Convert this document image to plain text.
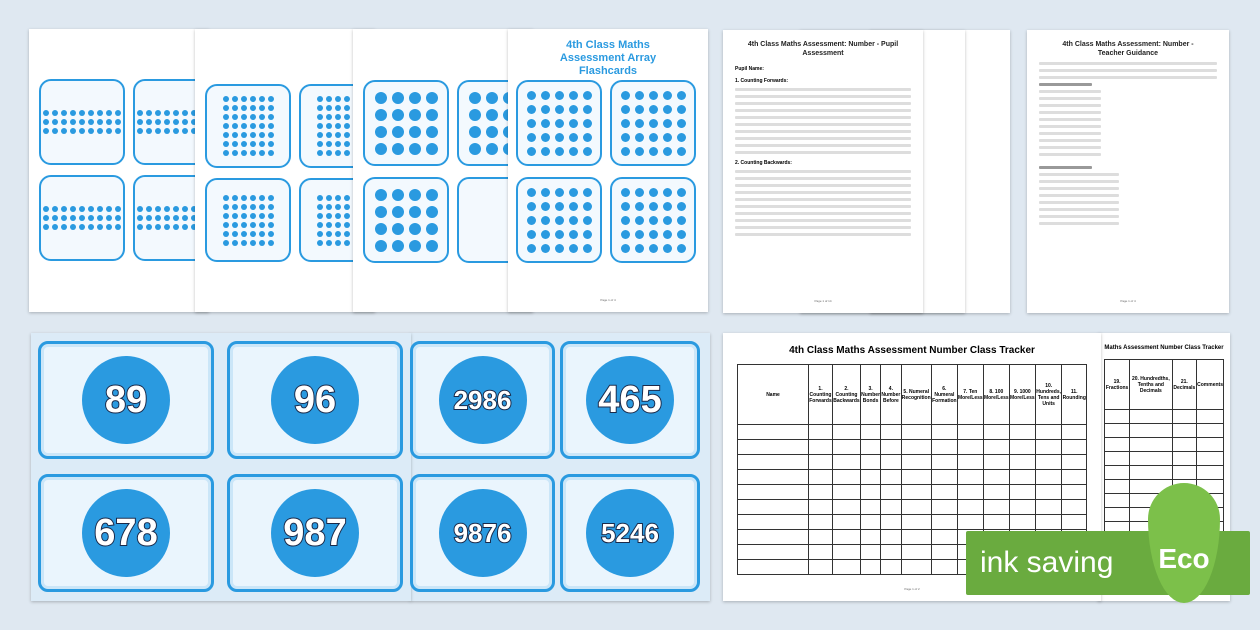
4th Class Maths Assessment Array Flashcards
Page 1 of 4
4th Class Maths Assessment: Number - Pupil Assessment
Pupil Name:
1. Counting Forwards:
2. Counting Backwards:
Page 1 of 14
4th Class Maths Assessment: Number - Teacher Guidance
Page 1 of 4
89	96	2986 465
678	987	9876	5246
Maths Assessment Number Class Tracker
19. Fractions	20. Hundredths, Tenths and Decimals	21. Decimals	Comments

4th Class Maths Assessment Number Class Tracker
Name	1. Counting Forwards	2. Counting Backwards	3. Number Bonds	4. Number Before	5. Numeral Recognition	6. Numeral Formation	7. Ten More/Less	8. 100 More/Less	9. 1000 More/Less	10. Hundreds, Tens and Units	11. Rounding

Page 1 of 2
ink saving Eco
